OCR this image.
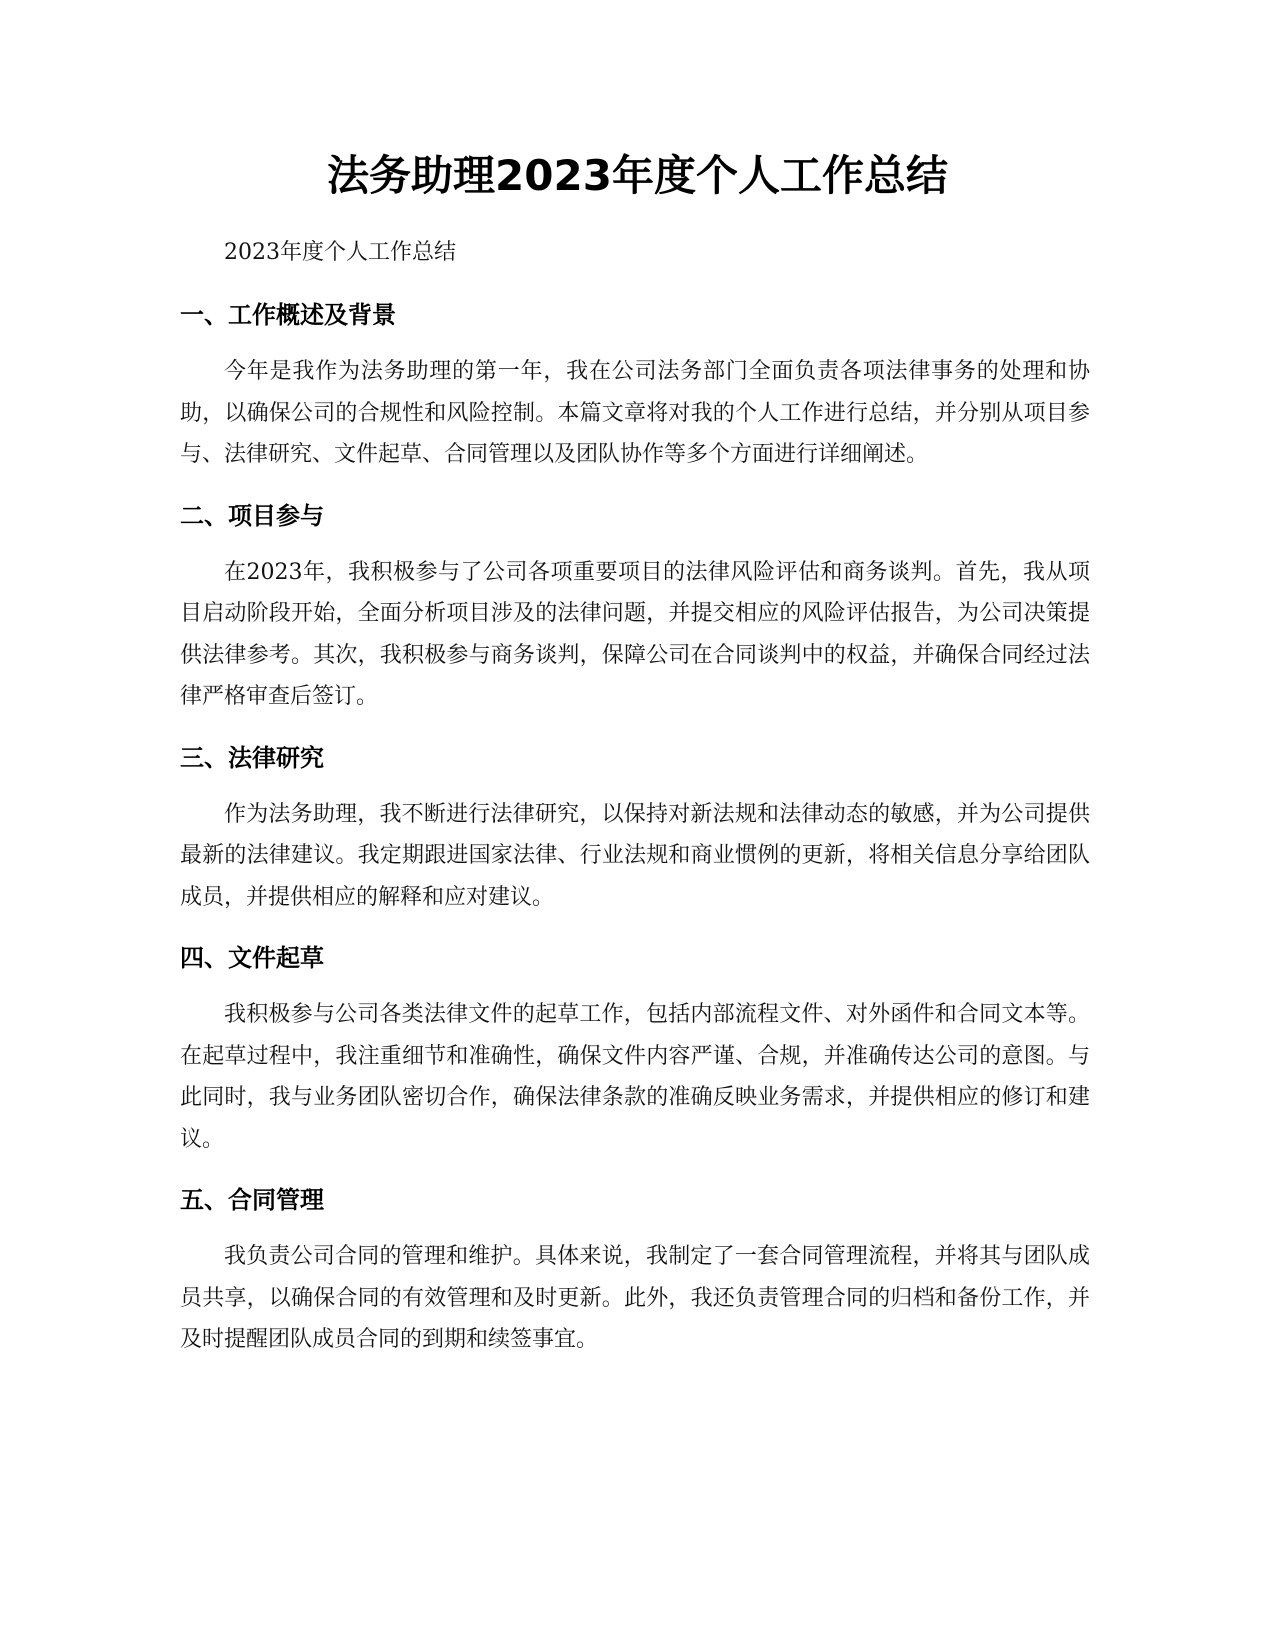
法务助理2023年度个人工作总结

2023年度个人工作总结

一、工作概述及背景

今年是我作为法务助理的第一年，我在公司法务部门全面负责各项法律事务的处理和协助，以确保公司的合规性和风险控制。本篇文章将对我的个人工作进行总结，并分别从项目参与、法律研究、文件起草、合同管理以及团队协作等多个方面进行详细阐述。

二、项目参与

在2023年，我积极参与了公司各项重要项目的法律风险评估和商务谈判。首先，我从项目启动阶段开始，全面分析项目涉及的法律问题，并提交相应的风险评估报告，为公司决策提供法律参考。其次，我积极参与商务谈判，保障公司在合同谈判中的权益，并确保合同经过法律严格审查后签订。

三、法律研究

作为法务助理，我不断进行法律研究，以保持对新法规和法律动态的敏感，并为公司提供最新的法律建议。我定期跟进国家法律、行业法规和商业惯例的更新，将相关信息分享给团队成员，并提供相应的解释和应对建议。

四、文件起草

我积极参与公司各类法律文件的起草工作，包括内部流程文件、对外函件和合同文本等。在起草过程中，我注重细节和准确性，确保文件内容严谨、合规，并准确传达公司的意图。与此同时，我与业务团队密切合作，确保法律条款的准确反映业务需求，并提供相应的修订和建议。

五、合同管理

我负责公司合同的管理和维护。具体来说，我制定了一套合同管理流程，并将其与团队成员共享，以确保合同的有效管理和及时更新。此外，我还负责管理合同的归档和备份工作，并及时提醒团队成员合同的到期和续签事宜。
